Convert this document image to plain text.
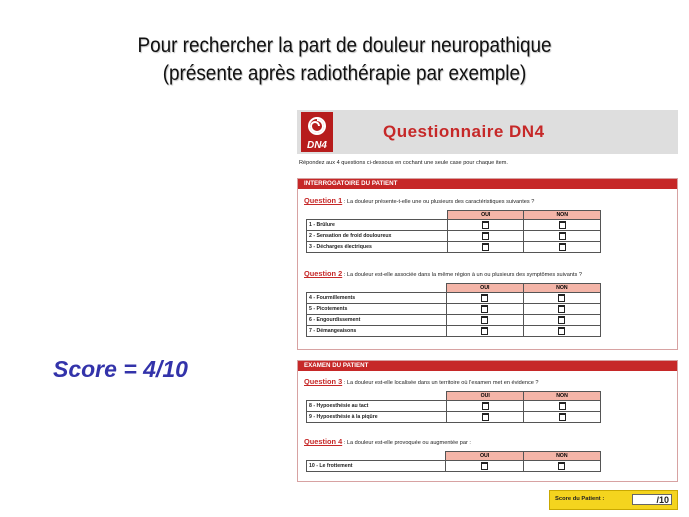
Pour rechercher la part de douleur neuropathique
(présente après radiothérapie par exemple)
Score = 4/10
DN4
Questionnaire DN4
Répondez aux 4 questions ci-dessous en cochant une seule case pour chaque item.
INTERROGATOIRE DU PATIENT
Question 1 : La douleur présente-t-elle une ou plusieurs des caractéristiques suivantes ?
	OUI	NON
1 - Brûlure		
2 - Sensation de froid douloureux		
3 - Décharges électriques		
Question 2 : La douleur est-elle associée dans la même région à un ou plusieurs des symptômes suivants ?
	OUI	NON
4 - Fourmillements		
5 - Picotements		
6 - Engourdissement		
7 - Démangeaisons		
EXAMEN DU PATIENT
Question 3 : La douleur est-elle localisée dans un territoire où l'examen met en évidence ?
	OUI	NON
8 - Hypoesthésie au tact		
9 - Hypoesthésie à la piqûre		
Question 4 : La douleur est-elle provoquée ou augmentée par :
	OUI	NON
10 - Le frottement		
Score du Patient :	/10
